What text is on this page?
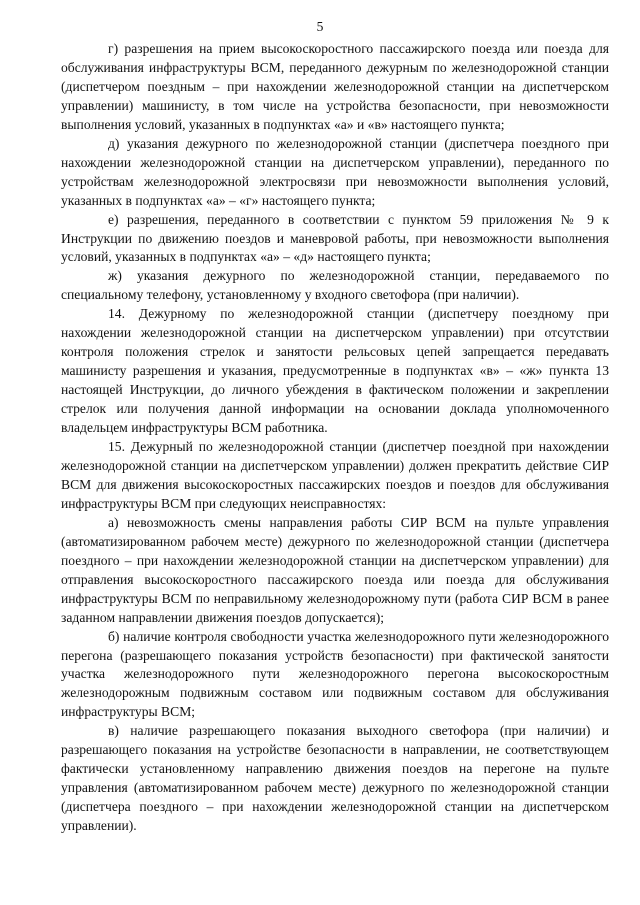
5

г) разрешения на прием высокоскоростного пассажирского поезда или поезда для обслуживания инфраструктуры ВСМ, переданного дежурным по железнодорожной станции (диспетчером поездным – при нахождении железнодорожной станции на диспетчерском управлении) машинисту, в том числе на устройства безопасности, при невозможности выполнения условий, указанных в подпунктах «а» и «в» настоящего пункта;

д) указания дежурного по железнодорожной станции (диспетчера поездного при нахождении железнодорожной станции на диспетчерском управлении), переданного по устройствам железнодорожной электросвязи при невозможности выполнения условий, указанных в подпунктах «а» – «г» настоящего пункта;

е) разрешения, переданного в соответствии с пунктом 59 приложения № 9 к Инструкции по движению поездов и маневровой работы, при невозможности выполнения условий, указанных в подпунктах «а» – «д» настоящего пункта;

ж) указания дежурного по железнодорожной станции, передаваемого по специальному телефону, установленному у входного светофора (при наличии).

14. Дежурному по железнодорожной станции (диспетчеру поездному при нахождении железнодорожной станции на диспетчерском управлении) при отсутствии контроля положения стрелок и занятости рельсовых цепей запрещается передавать машинисту разрешения и указания, предусмотренные в подпунктах «в» – «ж» пункта 13 настоящей Инструкции, до личного убеждения в фактическом положении и закреплении стрелок или получения данной информации на основании доклада уполномоченного владельцем инфраструктуры ВСМ работника.

15. Дежурный по железнодорожной станции (диспетчер поездной при нахождении железнодорожной станции на диспетчерском управлении) должен прекратить действие СИР ВСМ для движения высокоскоростных пассажирских поездов и поездов для обслуживания инфраструктуры ВСМ при следующих неисправностях:

а) невозможность смены направления работы СИР ВСМ на пульте управления (автоматизированном рабочем месте) дежурного по железнодорожной станции (диспетчера поездного – при нахождении железнодорожной станции на диспетчерском управлении) для отправления высокоскоростного пассажирского поезда или поезда для обслуживания инфраструктуры ВСМ по неправильному железнодорожному пути (работа СИР ВСМ в ранее заданном направлении движения поездов допускается);

б) наличие контроля свободности участка железнодорожного пути железнодорожного перегона (разрешающего показания устройств безопасности) при фактической занятости участка железнодорожного пути железнодорожного перегона высокоскоростным железнодорожным подвижным составом или подвижным составом для обслуживания инфраструктуры ВСМ;

в) наличие разрешающего показания выходного светофора (при наличии) и разрешающего показания на устройстве безопасности в направлении, не соответствующем фактически установленному направлению движения поездов на перегоне на пульте управления (автоматизированном рабочем месте) дежурного по железнодорожной станции (диспетчера поездного – при нахождении железнодорожной станции на диспетчерском управлении).
